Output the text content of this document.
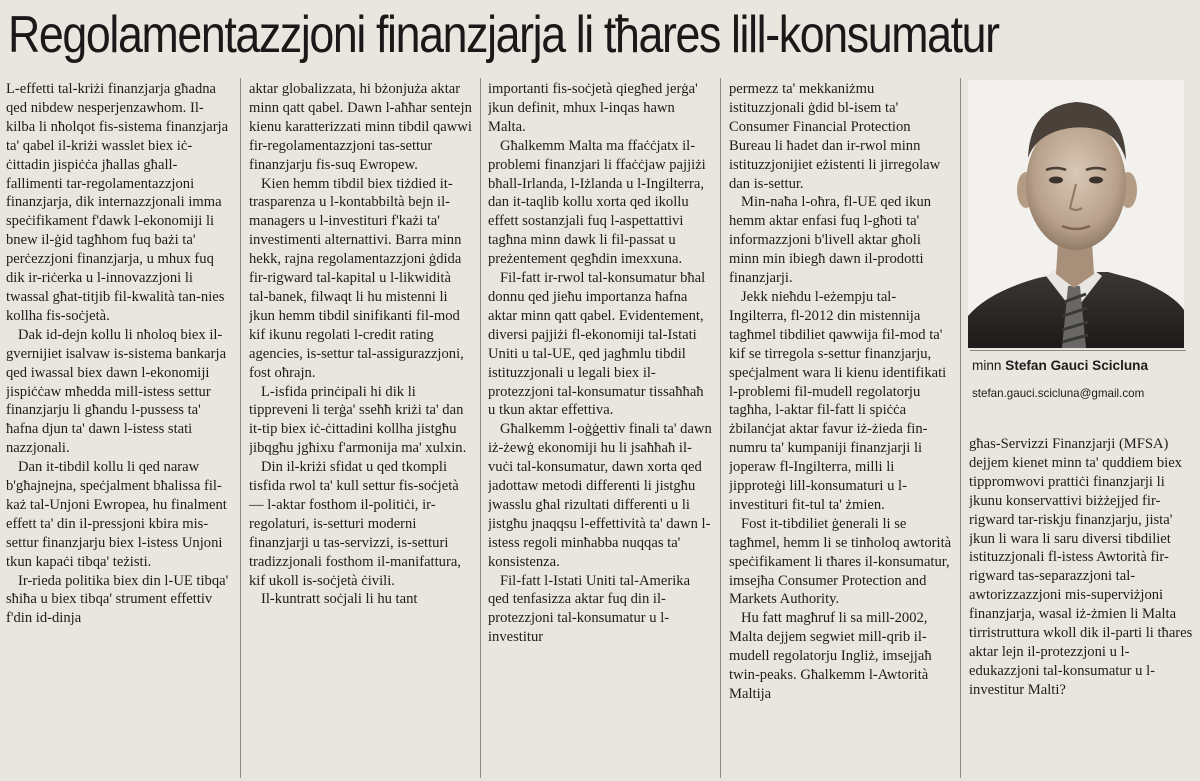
Regolamentazzjoni finanzjarja li tħares lill-konsumatur

L-effetti tal-kriżi finanzjarja għadna qed nibdew nesperjenzawhom. Il-kilba li nħolqot fis-sistema finanzjarja ta' qabel il-kriżi wasslet biex iċ-ċittadin jispiċċa jħallas għall-fallimenti tar-regolamentazzjoni finanzjarja, dik internazzjonali imma speċifikament f'dawk l-ekonomiji li bnew il-ġid tagħhom fuq bażi ta' perċezzjoni finanzjarja, u mhux fuq dik ir-riċerka u l-innovazzjoni li twassal għat-titjib fil-kwalità tan-nies kollha fis-soċjetà.

Dak id-dejn kollu li nħoloq biex il-gvernijiet isalvaw is-sistema bankarja qed iwassal biex dawn l-ekonomiji jispiċċaw mħedda mill-istess settur finanzjarju li għandu l-pussess ta' ħafna djun ta' dawn l-istess stati nazzjonali.

Dan it-tibdil kollu li qed naraw b'għajnejna, speċjalment bħalissa fil-każ tal-Unjoni Ewropea, hu finalment effett ta' din il-pressjoni kbira mis-settur finanzjarju biex l-istess Unjoni tkun kapaċi tibqa' teżisti.

Ir-rieda politika biex din l-UE tibqa' sħiħa u biex tibqa' strument effettiv f'din id-dinja

aktar globalizzata, hi bżonjuża aktar minn qatt qabel. Dawn l-aħħar sentejn kienu karatterizzati minn tibdil qawwi fir-regolamentazzjoni tas-settur finanzjarju fis-suq Ewropew.

Kien hemm tibdil biex tiżdied it-trasparenza u l-kontabbiltà bejn il-managers u l-investituri f'każi ta' investimenti alternattivi. Barra minn hekk, rajna regolamentazzjoni ġdida fir-rigward tal-kapital u l-likwidità tal-banek, filwaqt li hu mistenni li jkun hemm tibdil sinifikanti fil-mod kif ikunu regolati l-credit rating agencies, is-settur tal-assigurazzjoni, fost oħrajn.

L-isfida prinċipali hi dik li tippreveni li terġa' sseħħ kriżi ta' dan it-tip biex iċ-ċittadini kollha jistgħu jibqgħu jgħixu f'armonija ma' xulxin.

Din il-kriżi sfidat u qed tkompli tisfida rwol ta' kull settur fis-soċjetà — l-aktar fosthom il-politiċi, ir-regolaturi, is-setturi moderni finanzjarji u tas-servizzi, is-setturi tradizzjonali fosthom il-manifattura, kif ukoll is-soċjetà ċivili.

Il-kuntratt soċjali li hu tant

importanti fis-soċjetà qiegħed jerġa' jkun definit, mhux l-inqas hawn Malta.

Għalkemm Malta ma ffaċċjatx il-problemi finanzjari li ffaċċjaw pajjiżi bħall-Irlanda, l-Iżlanda u l-Ingilterra, dan it-taqlib kollu xorta qed ikollu effett sostanzjali fuq l-aspettattivi tagħna minn dawk li fil-passat u preżentement qegħdin imexxuna.

Fil-fatt ir-rwol tal-konsumatur bħal donnu qed jieħu importanza ħafna aktar minn qatt qabel. Evidentement, diversi pajjiżi fl-ekonomiji tal-Istati Uniti u tal-UE, qed jagħmlu tibdil istituzzjonali u legali biex il-protezzjoni tal-konsumatur tissaħħaħ u tkun aktar effettiva.

Għalkemm l-oġġettiv finali ta' dawn iż-żewġ ekonomiji hu li jsaħħaħ il-vuċi tal-konsumatur, dawn xorta qed jadottaw metodi differenti li jistgħu jwasslu għal rizultati differenti u li jistgħu jnaqqsu l-effettività ta' dawn l-istess regoli minħabba nuqqas ta' konsistenza.

Fil-fatt l-Istati Uniti tal-Amerika qed tenfasizza aktar fuq din il-protezzjoni tal-konsumatur u l-investitur

permezz ta' mekkaniżmu istituzzjonali ġdid bl-isem ta' Consumer Financial Protection Bureau li ħadet dan ir-rwol minn istituzzjonijiet eżistenti li jirregolaw dan is-settur.

Min-naħa l-oħra, fl-UE qed ikun hemm aktar enfasi fuq l-għoti ta' informazzjoni b'livell aktar għoli minn min ibiegħ dawn il-prodotti finanzjarji.

Jekk nieħdu l-eżempju tal-Ingilterra, fl-2012 din mistennija tagħmel tibdiliet qawwija fil-mod ta' kif se tirregola s-settur finanzjarju, speċjalment wara li kienu identifikati l-problemi fil-mudell regolatorju tagħha, l-aktar fil-fatt li spiċċa żbilanċjat aktar favur iż-żieda fin-numru ta' kumpaniji finanzjarji li joperaw fl-Ingilterra, milli li jipproteġi lill-konsumaturi u l-investituri fit-tul ta' żmien.

Fost it-tibdiliet ġenerali li se tagħmel, hemm li se tinħoloq awtorità speċifikament li tħares il-konsumatur, imsejħa Consumer Protection and Markets Authority.

Hu fatt magħruf li sa mill-2002, Malta dejjem segwiet mill-qrib il-mudell regolatorju Ingliż, imsejjaħ twin-peaks. Għalkemm l-Awtorità Maltija

minn Stefan Gauci Scicluna
stefan.gauci.scicluna@gmail.com

għas-Servizzi Finanzjarji (MFSA) dejjem kienet minn ta' quddiem biex tippromwovi prattiċi finanzjarji li jkunu konservattivi biżżejjed fir-rigward tar-riskju finanzjarju, jista' jkun li wara li saru diversi tibdiliet istituzzjonali fl-istess Awtorità fir-rigward tas-separazzjoni tal-awtorizzazzjoni mis-superviżjoni finanzjarja, wasal iż-żmien li Malta tirristruttura wkoll dik il-parti li tħares aktar lejn il-protezzjoni u l-edukazzjoni tal-konsumatur u l-investitur Malti?
